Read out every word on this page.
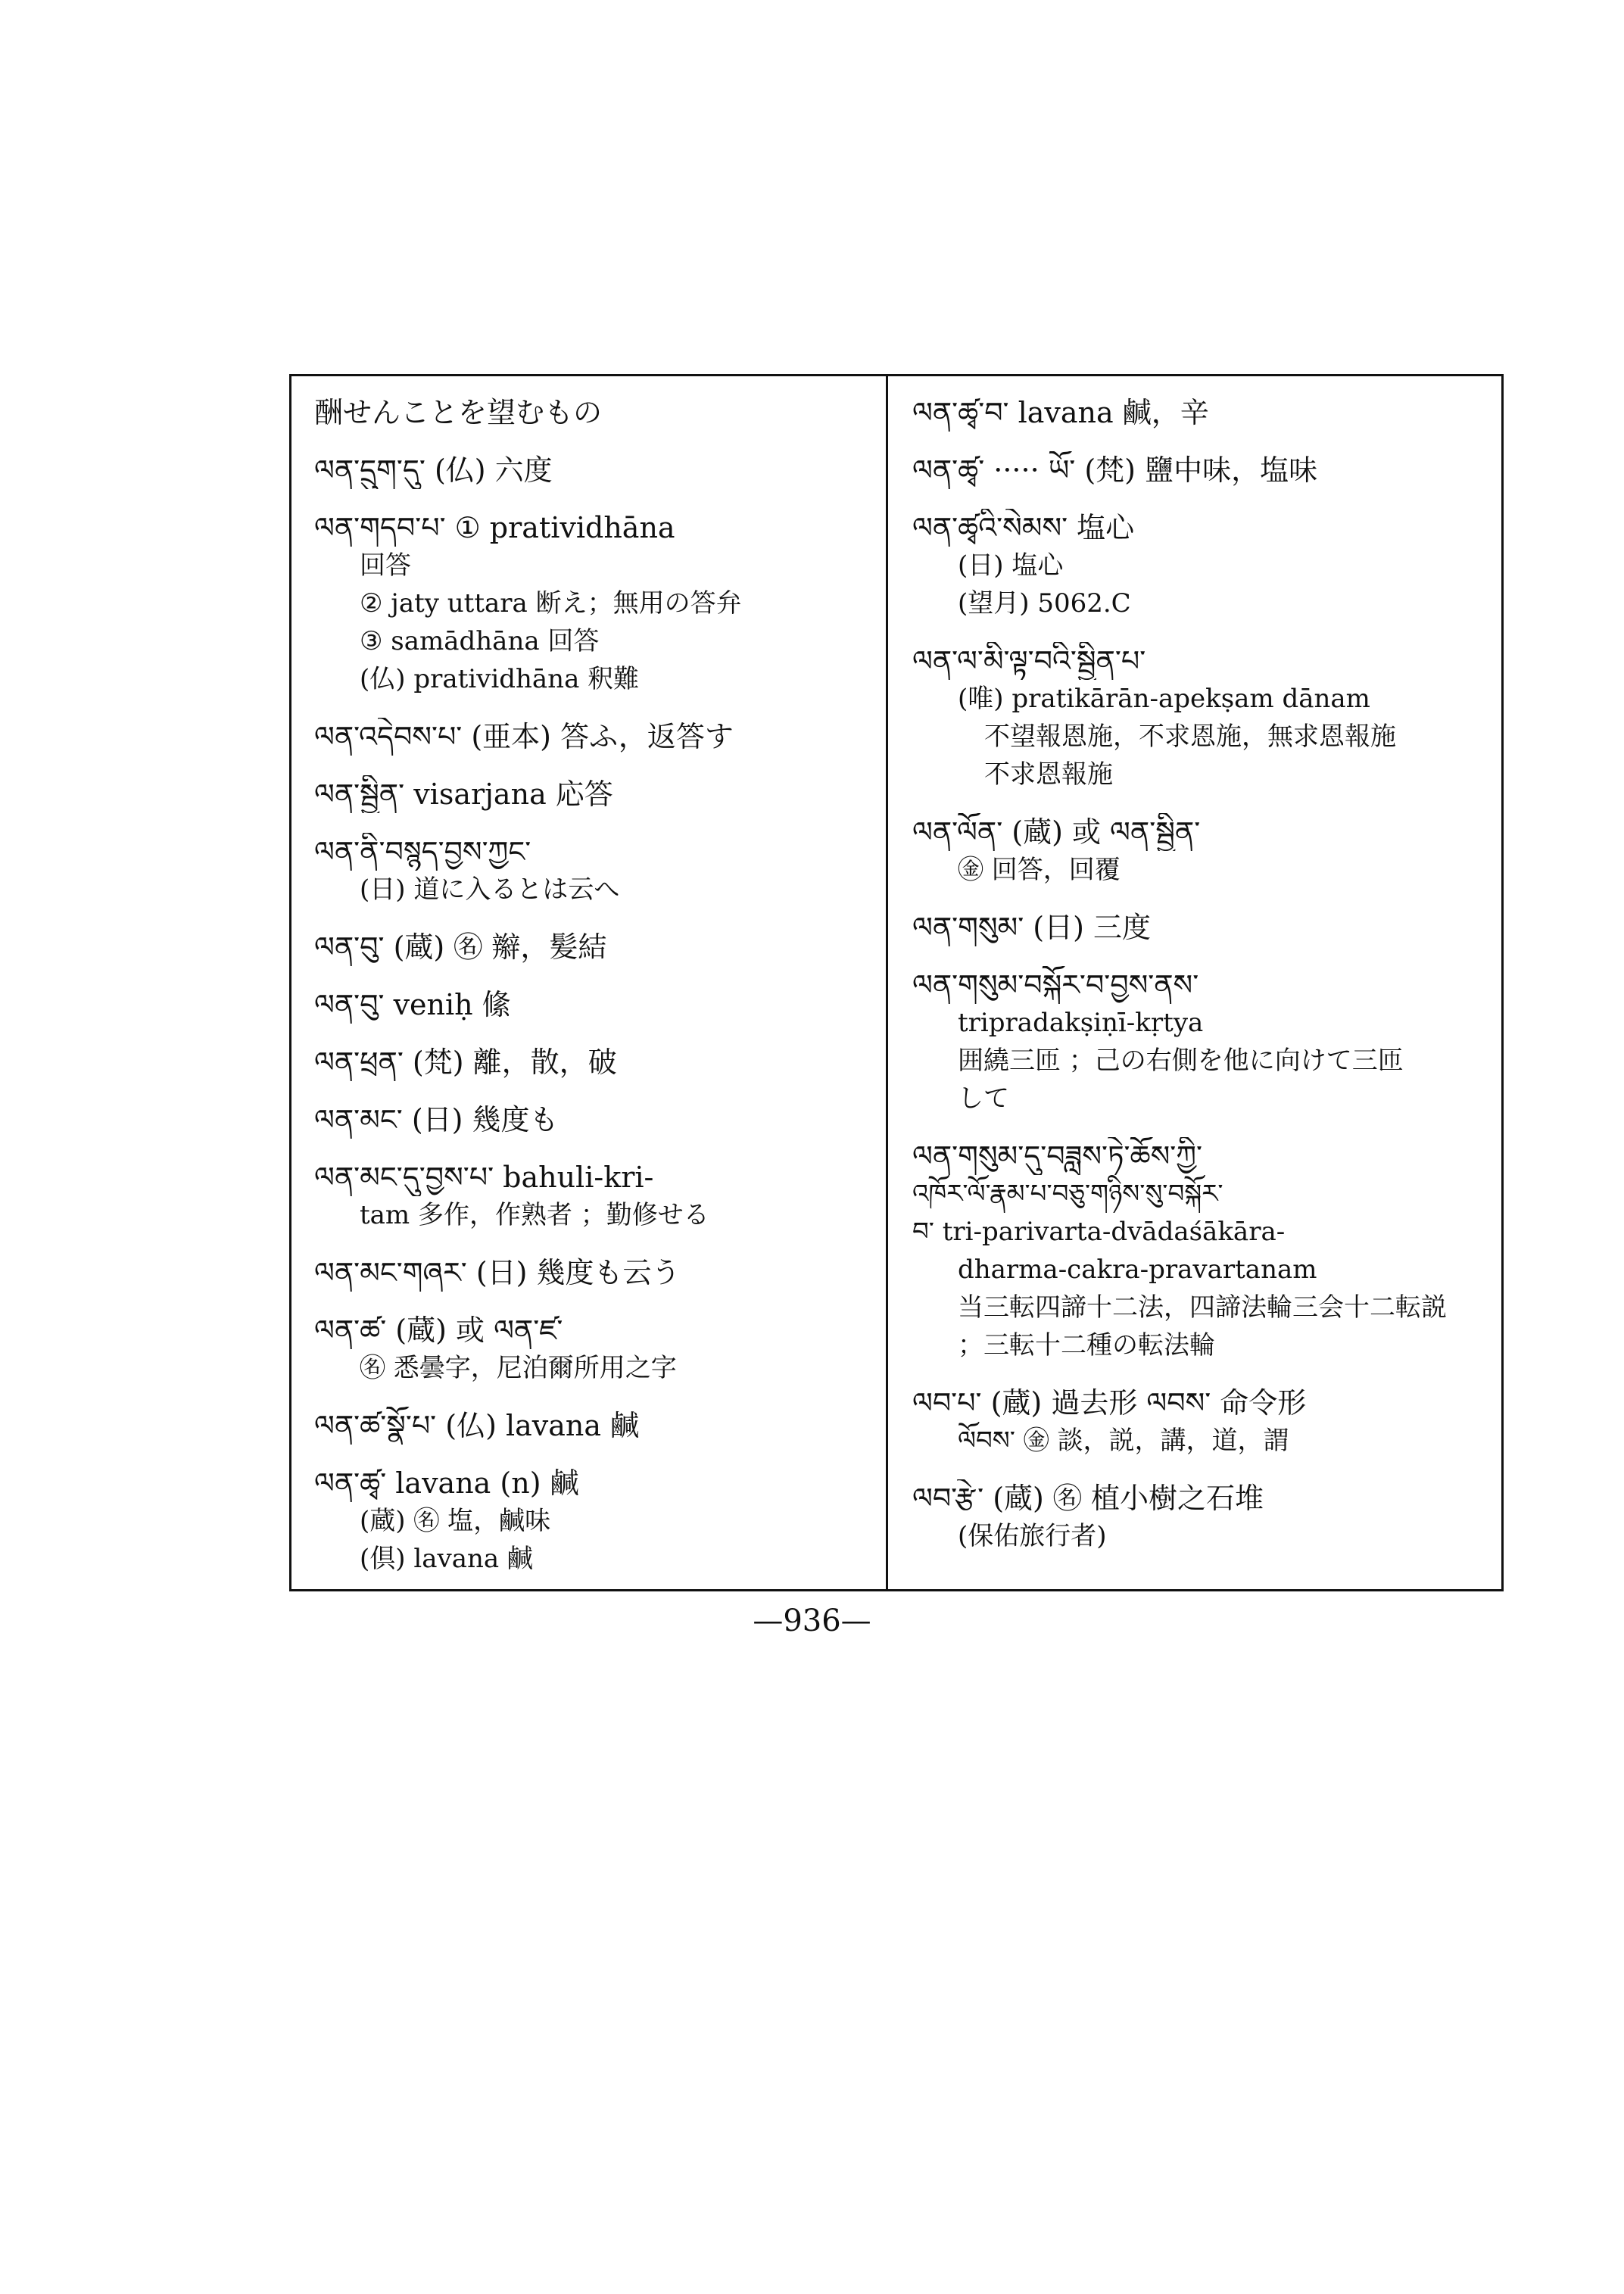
酬せんことを望むもの
ལན་དྲུག་དུ་ (仏) 六度
ལན་གདབ་པ་ ① pratividhāna
回答
② jaty uttara 断え；無用の答弁
③ samādhāna 回答
(仏) pratividhāna 釈難
ལན་འདེབས་པ་ (亜本) 答ふ，返答す
ལན་སྦྱིན་ visarjana 応答
ལན་ནི་བསྙད་བྱས་ཀྱང་
(日) 道に入るとは云へ
ལན་བུ་ (蔵) ㊔ 辮，髪結
ལན་བུ་ veniḥ 絛
ལན་ཕྲན་ (梵) 離，散，破
ལན་མང་ (日) 幾度も
ལན་མང་དུ་བྱས་པ་ bahuli-kri-
tam 多作，作熟者 ；勤修せる
ལན་མང་གཞར་ (日) 幾度も云う
ལན་ཚ་ (蔵) 或 ལན་ཛ་
㊔ 悉曇字，尼泊爾所用之字
ལན་ཚ་སྣོ་པ་ (仏) lavana 鹹
ལན་ཚྭ་ lavana (n) 鹹
(蔵) ㊔ 塩，鹹味
(倶) lavana 鹹
ལན་ཚྭ་བ་ lavana 鹹，辛
ལན་ཚྭ་ ····· ཡོ་ (梵) 鹽中味，塩味
ལན་ཚྭའི་སེམས་ 塩心
(日) 塩心
(望月) 5062.C
ལན་ལ་མི་ལྟ་བའི་སྦྱིན་པ་
(唯) pratikārān-apekṣam dānam
不望報恩施，不求恩施，無求恩報施
不求恩報施
ལན་ལོན་ (蔵) 或 ལན་སྦྱིན་
㊎ 回答，回覆
ལན་གསུམ་ (日) 三度
ལན་གསུམ་བསྐོར་བ་བྱས་ནས་
tripradakṣiṇī-kṛtya
囲繞三匝 ；己の右側を他に向けて三匝
して
ལན་གསུམ་དུ་བཟླས་ཏེ་ཆོས་ཀྱི་
འཁོར་ལོ་རྣམ་པ་བཅུ་གཉིས་སུ་བསྐོར་
བ་ tri-parivarta-dvādaśākāra-
dharma-cakra-pravartanam
当三転四諦十二法，四諦法輪三会十二転説
；三転十二種の転法輪
ལབ་པ་ (蔵) 過去形 ལབས་ 命令形
ལོབས་ ㊎ 談，説，講，道，謂
ལབ་རྩེ་ (蔵) ㊔ 植小樹之石堆
(保佑旅行者)
—936—
